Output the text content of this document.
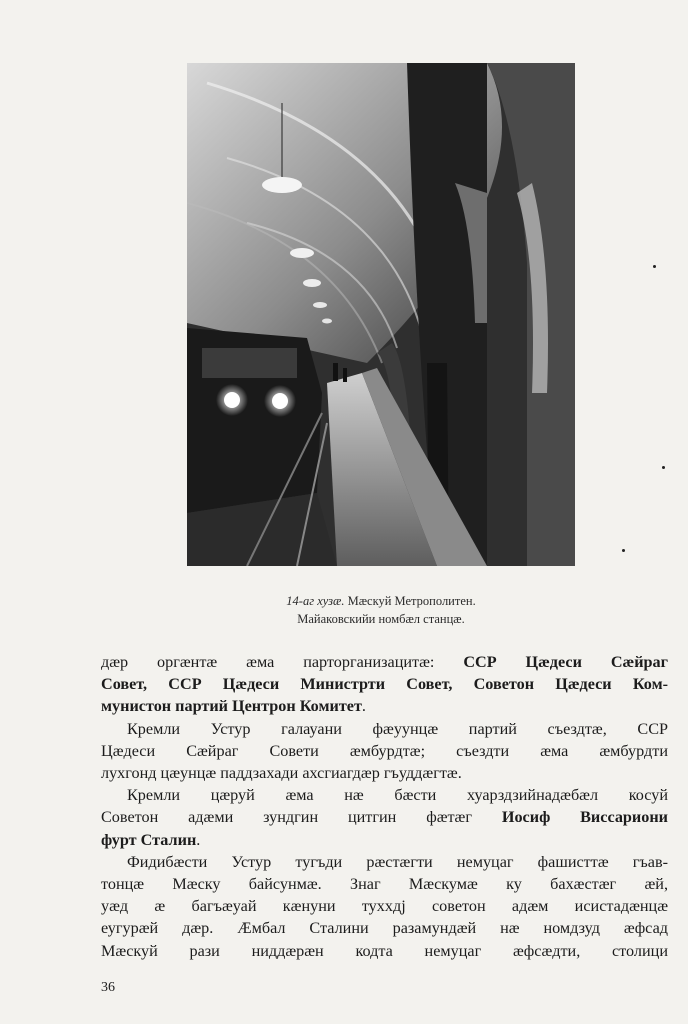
14-аг хузӕ. Мӕскуй Метрополитен.
Майаковскийи номбӕл станцӕ.

дӕр оргӕнтӕ ӕма парторганизацитӕ: ССР Цӕдеси Сӕйраг
Совет, ССР Цӕдеси Министрти Совет, Советон Цӕдеси Ком-
мунистон партий Центрон Комитет.

Кремли Устур галауани фӕуунцӕ партий съездтӕ, ССР
Цӕдеси Сӕйраг Совети ӕмбурдтӕ; съездти ӕма ӕмбурдти
лухгонд цӕунцӕ паддзахади ахсгиагдӕр гъуддӕгтӕ.

Кремли цӕруй ӕма нӕ бӕсти хуарздзийнадӕбӕл косуй
Советон адӕми зундгин цитгин фӕтӕг Иосиф Виссариони
фурт Сталин.

Фидибӕсти Устур тугъди рӕстӕгти немуцаг фашисттӕ гъав-
тонцӕ Мӕску байсунмӕ. Знаг Мӕскумӕ ку бахӕстӕг ӕй,
уӕд ӕ багъӕуай кӕнуни туххдj советон адӕм исистадӕнцӕ
еугурӕй дӕр. Ӕмбал Сталини разамундӕй нӕ номдзуд ӕфсад
Мӕскуй рази ниддӕрӕн кодта немуцаг ӕфсӕдти, столици

36
